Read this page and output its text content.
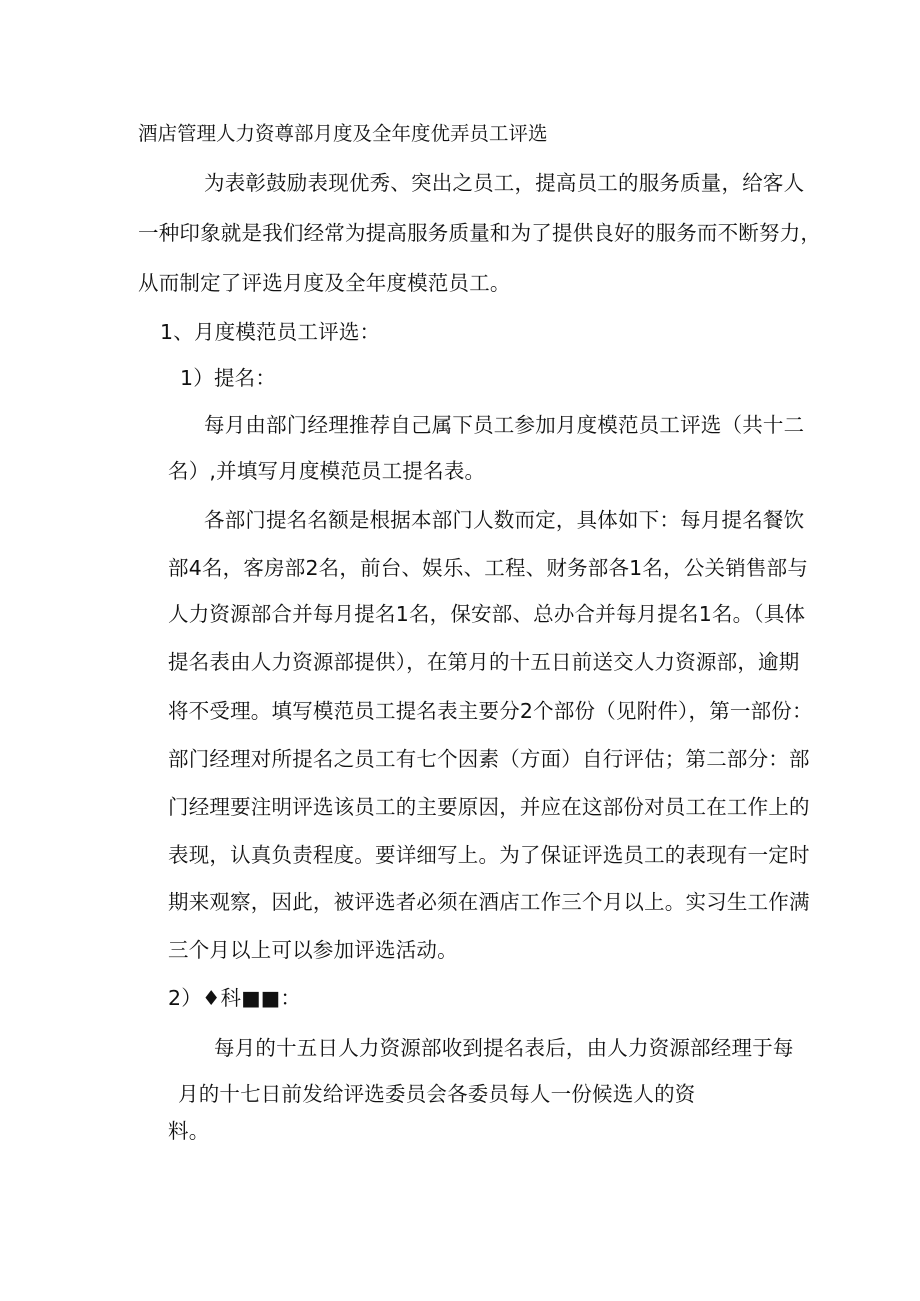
酒店管理人力资尊部月度及全年度优弄员工评选
为表彰鼓励表现优秀、突出之员工，提高员工的服务质量，给客人
一种印象就是我们经常为提高服务质量和为了提供良好的服务而不断努力，
从而制定了评选月度及全年度模范员工。
1、月度模范员工评选：
1）提名：
每月由部门经理推荐自己属下员工参加月度模范员工评选（共十二
名）,并填写月度模范员工提名表。
各部门提名名额是根据本部门人数而定，具体如下：每月提名餐饮
部4名，客房部2名，前台、娱乐、工程、财务部各1名，公关销售部与
人力资源部合并每月提名1名，保安部、总办合并每月提名1名。（具体
提名表由人力资源部提供），在第月的十五日前送交人力资源部，逾期
将不受理。填写模范员工提名表主要分2个部份（见附件），第一部份：
部门经理对所提名之员工有七个因素（方面）自行评估；第二部分：部
门经理要注明评选该员工的主要原因，并应在这部份对员工在工作上的
表现，认真负责程度。要详细写上。为了保证评选员工的表现有一定时
期来观察，因此，被评选者必须在酒店工作三个月以上。实习生工作满
三个月以上可以参加评选活动。
2）♦科■■：
每月的十五日人力资源部收到提名表后，由人力资源部经理于每
月的十七日前发给评选委员会各委员每人一份候选人的资
料。
